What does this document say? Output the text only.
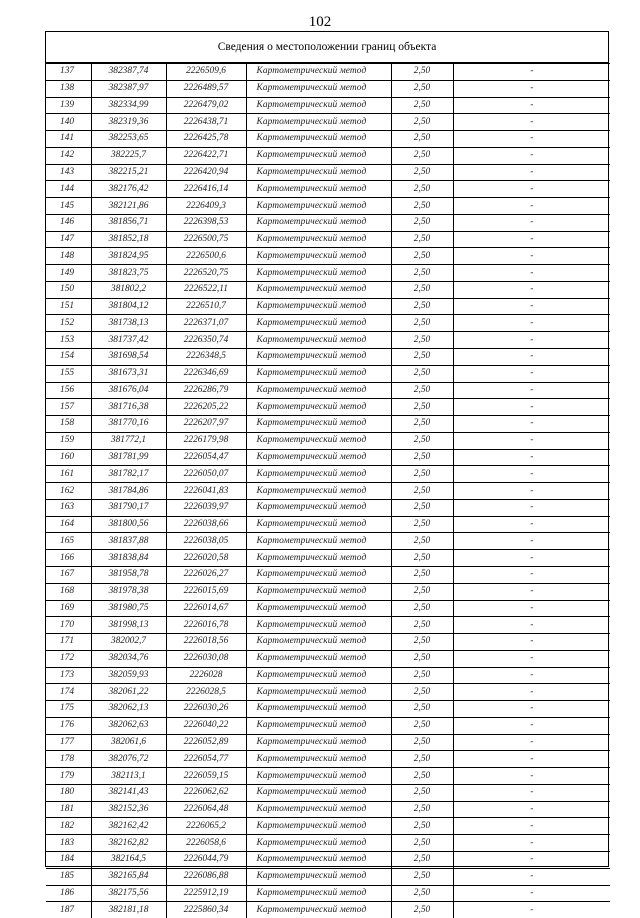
102
Сведения о местоположении границ объекта
137	382387,74	2226509,6	Картометрический метод	2,50	-
138	382387,97	2226489,57	Картометрический метод	2,50	-
139	382334,99	2226479,02	Картометрический метод	2,50	-
140	382319,36	2226438,71	Картометрический метод	2,50	-
141	382253,65	2226425,78	Картометрический метод	2,50	-
142	382225,7	2226422,71	Картометрический метод	2,50	-
143	382215,21	2226420,94	Картометрический метод	2,50	-
144	382176,42	2226416,14	Картометрический метод	2,50	-
145	382121,86	2226409,3	Картометрический метод	2,50	-
146	381856,71	2226398,53	Картометрический метод	2,50	-
147	381852,18	2226500,75	Картометрический метод	2,50	-
148	381824,95	2226500,6	Картометрический метод	2,50	-
149	381823,75	2226520,75	Картометрический метод	2,50	-
150	381802,2	2226522,11	Картометрический метод	2,50	-
151	381804,12	2226510,7	Картометрический метод	2,50	-
152	381738,13	2226371,07	Картометрический метод	2,50	-
153	381737,42	2226350,74	Картометрический метод	2,50	-
154	381698,54	2226348,5	Картометрический метод	2,50	-
155	381673,31	2226346,69	Картометрический метод	2,50	-
156	381676,04	2226286,79	Картометрический метод	2,50	-
157	381716,38	2226205,22	Картометрический метод	2,50	-
158	381770,16	2226207,97	Картометрический метод	2,50	-
159	381772,1	2226179,98	Картометрический метод	2,50	-
160	381781,99	2226054,47	Картометрический метод	2,50	-
161	381782,17	2226050,07	Картометрический метод	2,50	-
162	381784,86	2226041,83	Картометрический метод	2,50	-
163	381790,17	2226039,97	Картометрический метод	2,50	-
164	381800,56	2226038,66	Картометрический метод	2,50	-
165	381837,88	2226038,05	Картометрический метод	2,50	-
166	381838,84	2226020,58	Картометрический метод	2,50	-
167	381958,78	2226026,27	Картометрический метод	2,50	-
168	381978,38	2226015,69	Картометрический метод	2,50	-
169	381980,75	2226014,67	Картометрический метод	2,50	-
170	381998,13	2226016,78	Картометрический метод	2,50	-
171	382002,7	2226018,56	Картометрический метод	2,50	-
172	382034,76	2226030,08	Картометрический метод	2,50	-
173	382059,93	2226028	Картометрический метод	2,50	-
174	382061,22	2226028,5	Картометрический метод	2,50	-
175	382062,13	2226030,26	Картометрический метод	2,50	-
176	382062,63	2226040,22	Картометрический метод	2,50	-
177	382061,6	2226052,89	Картометрический метод	2,50	-
178	382076,72	2226054,77	Картометрический метод	2,50	-
179	382113,1	2226059,15	Картометрический метод	2,50	-
180	382141,43	2226062,62	Картометрический метод	2,50	-
181	382152,36	2226064,48	Картометрический метод	2,50	-
182	382162,42	2226065,2	Картометрический метод	2,50	-
183	382162,82	2226058,6	Картометрический метод	2,50	-
184	382164,5	2226044,79	Картометрический метод	2,50	-
185	382165,84	2226086,88	Картометрический метод	2,50	-
186	382175,56	2225912,19	Картометрический метод	2,50	-
187	382181,18	2225860,34	Картометрический метод	2,50	-
